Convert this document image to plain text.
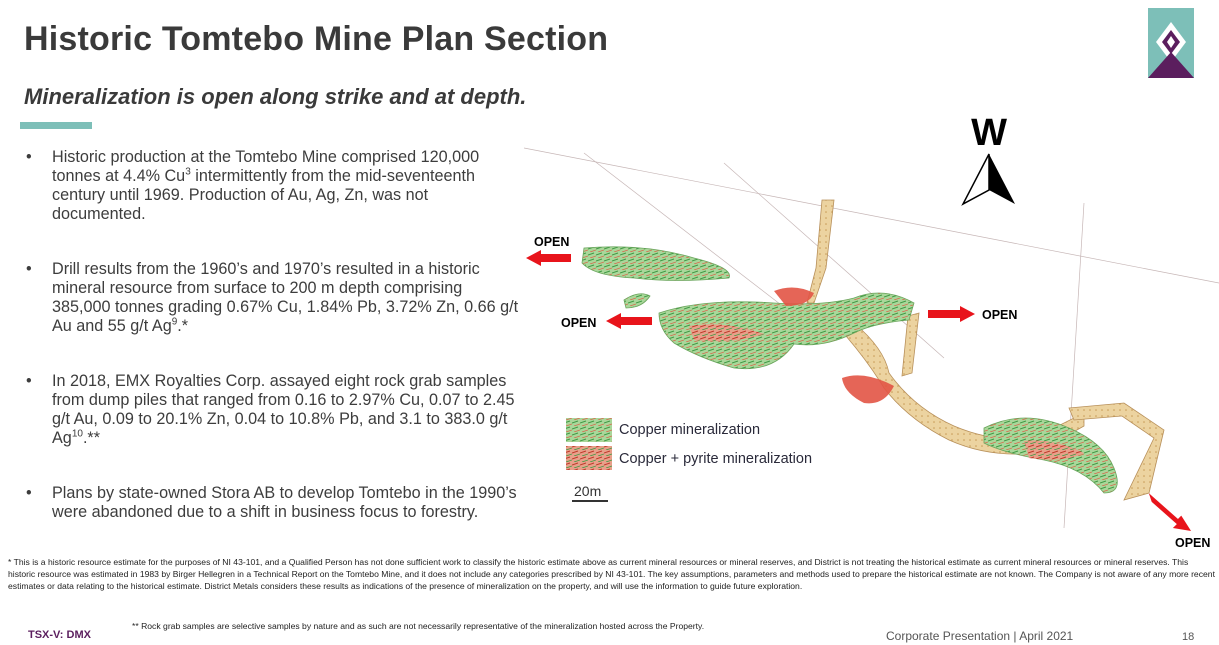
Historic Tomtebo Mine Plan Section
Mineralization is open along strike and at depth.
• Historic production at the Tomtebo Mine comprised 120,000 tonnes at 4.4% Cu$^3$ intermittently from the mid-seventeenth century until 1969. Production of Au, Ag, Zn, was not documented.
• Drill results from the 1960’s and 1970’s resulted in a historic mineral resource from surface to 200 m depth comprising 385,000 tonnes grading 0.67% Cu, 1.84% Pb, 3.72% Zn, 0.66 g/t Au and 55 g/t Ag$^9$.*
• In 2018, EMX Royalties Corp. assayed eight rock grab samples from dump piles that ranged from 0.16 to 2.97% Cu, 0.07 to 2.45 g/t Au, 0.09 to 20.1% Zn, 0.04 to 10.8% Pb, and 3.1 to 383.0 g/t Ag$^{10}$.**
• Plans by state-owned Stora AB to develop Tomtebo in the 1990’s were abandoned due to a shift in business focus to forestry.
W
OPEN
OPEN
OPEN
OPEN
Copper mineralization
Copper + pyrite mineralization
20m
* This is a historic resource estimate for the purposes of NI 43-101, and a Qualified Person has not done sufficient work to classify the historic estimate above as current mineral resources or mineral reserves, and District is not treating the historical estimate as current mineral resources or mineral reserves. This historic resource was estimated in 1983 by Birger Hellegren in a Technical Report on the Tomtebo Mine, and it does not include any categories prescribed by NI 43-101. The key assumptions, parameters and methods used to prepare the historical estimate are not known. The Company is not aware of any more recent estimates or data relating to the historical estimate. District Metals considers these results as indications of the presence of mineralization on the property, and will use the information to guide future exploration.
** Rock grab samples are selective samples by nature and as such are not necessarily representative of the mineralization hosted across the Property.
TSX-V: DMX	Corporate Presentation | April 2021	18
